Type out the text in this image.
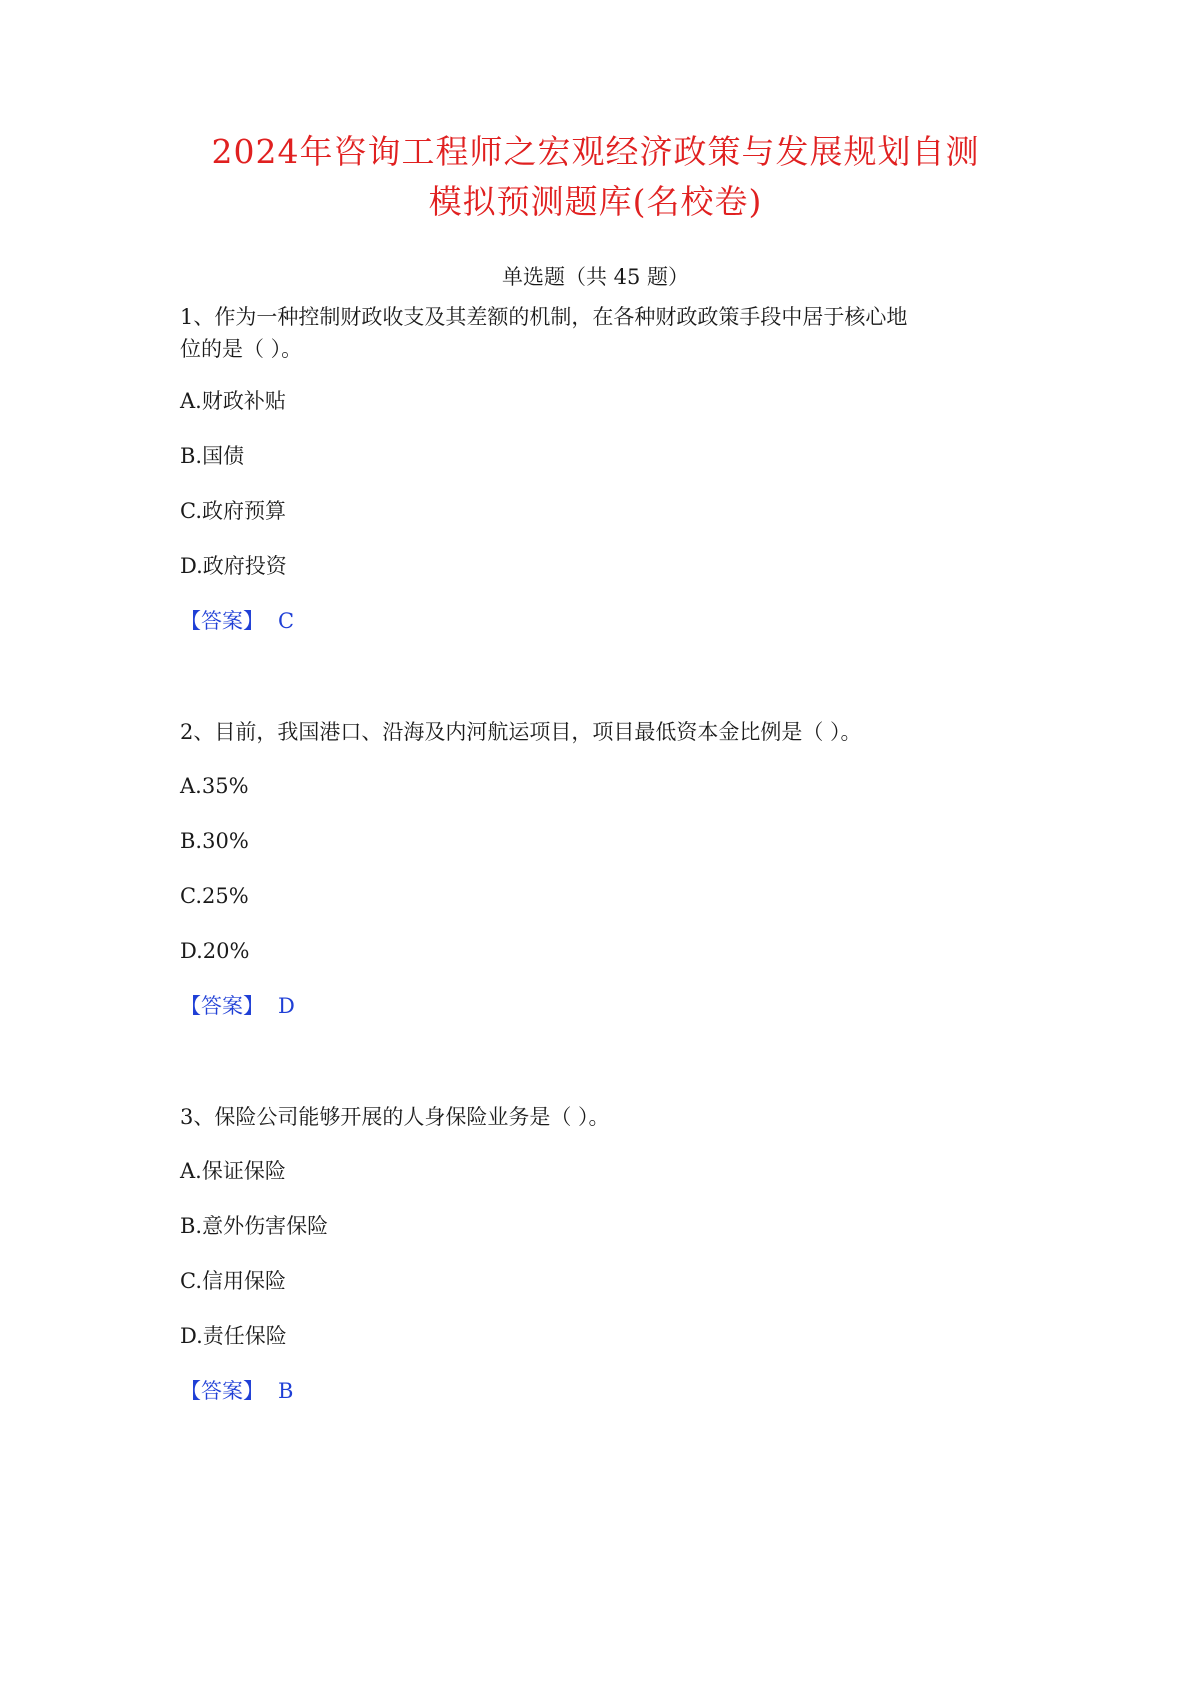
2024年咨询工程师之宏观经济政策与发展规划自测
模拟预测题库(名校卷)
单选题（共 45 题）
1、作为一种控制财政收支及其差额的机制，在各种财政政策手段中居于核心地
位的是（ ）。
A.财政补贴
B.国债
C.政府预算
D.政府投资
【答案】 C
2、目前，我国港口、沿海及内河航运项目，项目最低资本金比例是（ ）。
A.35%
B.30%
C.25%
D.20%
【答案】 D
3、保险公司能够开展的人身保险业务是（ ）。
A.保证保险
B.意外伤害保险
C.信用保险
D.责任保险
【答案】 B
